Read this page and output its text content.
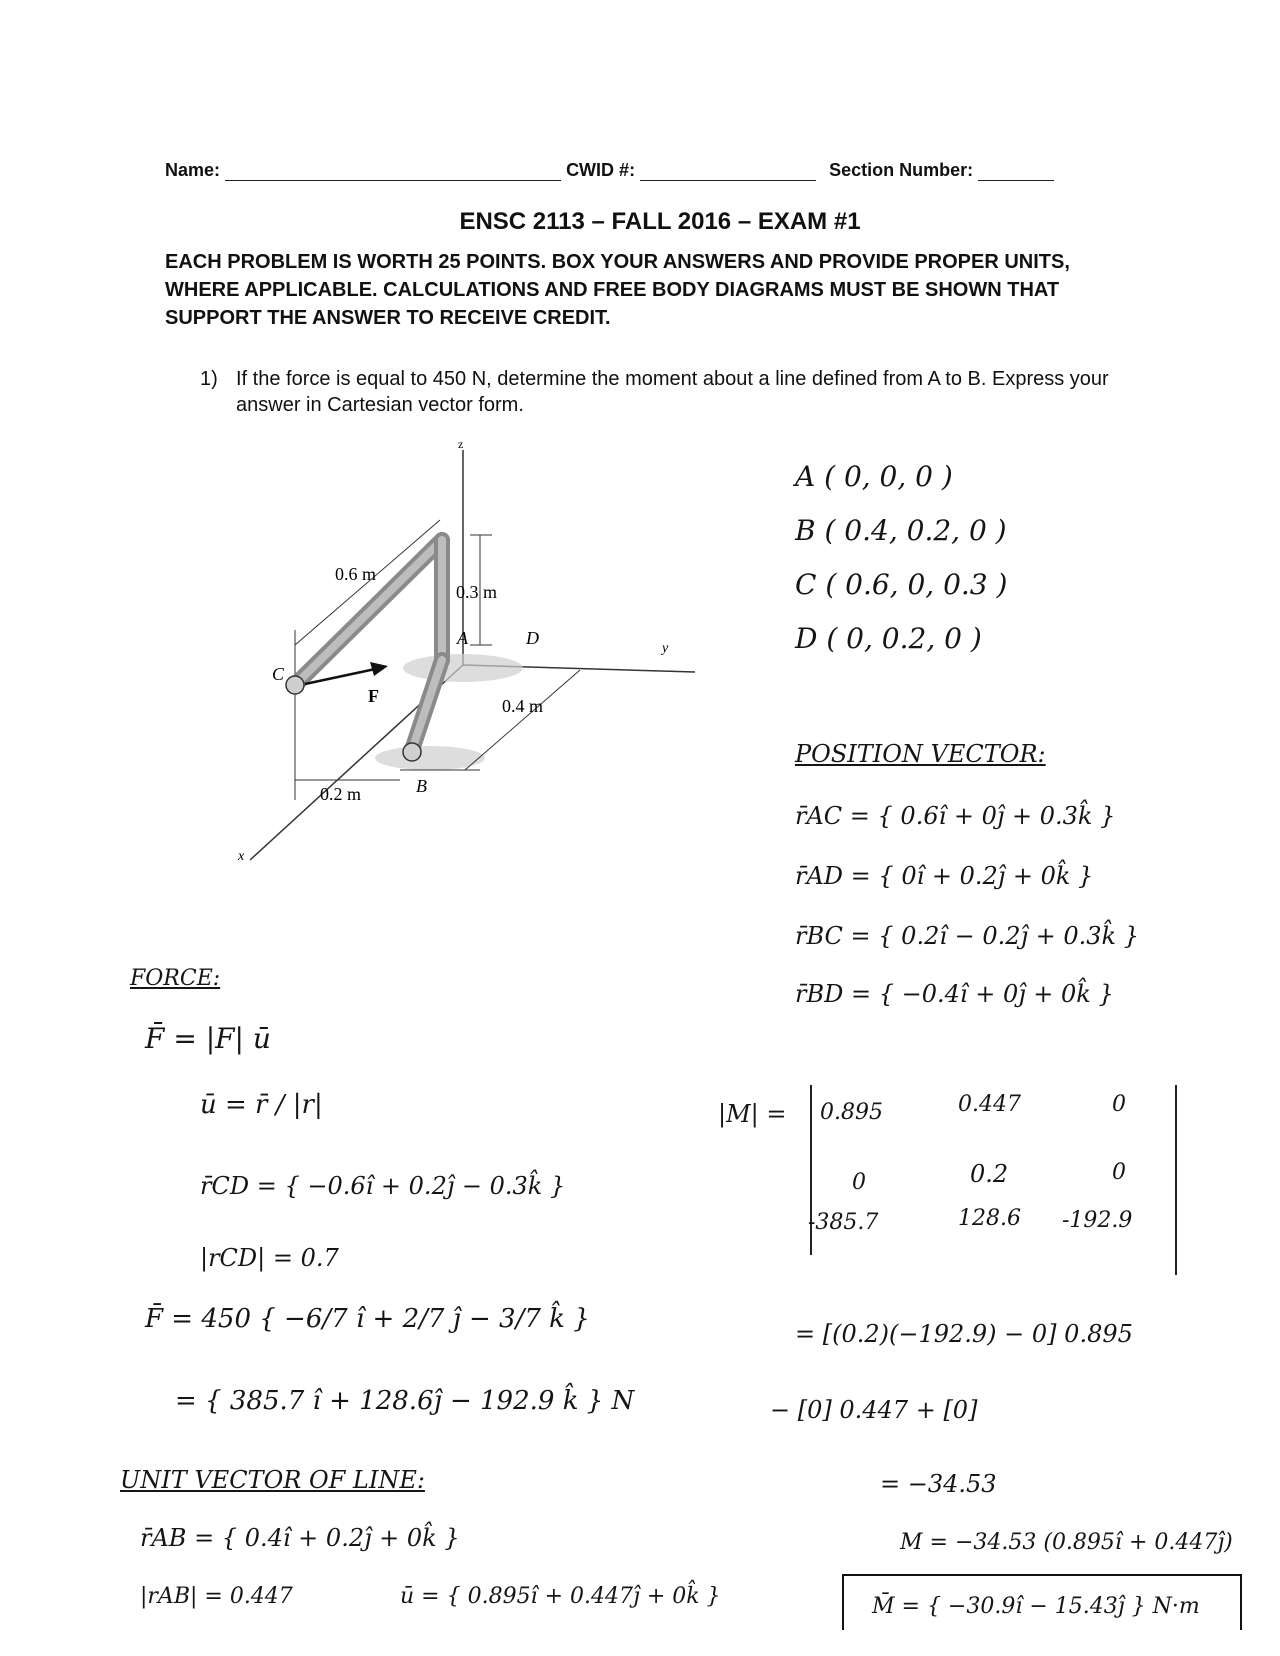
Name:	CWID #:	Section Number:
ENSC 2113 – FALL 2016 – EXAM #1
EACH PROBLEM IS WORTH 25 POINTS. BOX YOUR ANSWERS AND PROVIDE PROPER UNITS, WHERE APPLICABLE. CALCULATIONS AND FREE BODY DIAGRAMS MUST BE SHOWN THAT SUPPORT THE ANSWER TO RECEIVE CREDIT.
1) If the force is equal to 450 N, determine the moment about a line defined from A to B. Express your answer in Cartesian vector form.
z
y
x
A	D
C
B
F
0.6 m
0.3 m
0.4 m
0.2 m
A ( 0, 0, 0 )
B ( 0.4, 0.2, 0 )
C ( 0.6, 0, 0.3 )
D ( 0, 0.2, 0 )
POSITION VECTOR:
r̄AC = { 0.6î + 0ĵ + 0.3k̂ }
r̄AD = { 0î + 0.2ĵ + 0k̂ }
r̄BC = { 0.2î − 0.2ĵ + 0.3k̂ }
r̄BD = { −0.4î + 0ĵ + 0k̂ }
FORCE:
F̄ = |F| ū
ū = r̄ / |r|
r̄CD = { −0.6î + 0.2ĵ − 0.3k̂ }
|rCD| = 0.7
F̄ = 450 { −6/7 î + 2/7 ĵ − 3/7 k̂ }
= { 385.7 î + 128.6ĵ − 192.9 k̂ } N
UNIT VECTOR OF LINE:
r̄AB = { 0.4î + 0.2ĵ + 0k̂ }
|rAB| = 0.447	ū = { 0.895î + 0.447ĵ + 0k̂ }
|M| = 0.895	0.447	0
0	0.2	0
-385.7	128.6 -192.9
= [(0.2)(−192.9) − 0] 0.895
− [0] 0.447 + [0]
= −34.53
M = −34.53 (0.895î + 0.447ĵ)
M̄ = { −30.9î − 15.43ĵ } N·m
